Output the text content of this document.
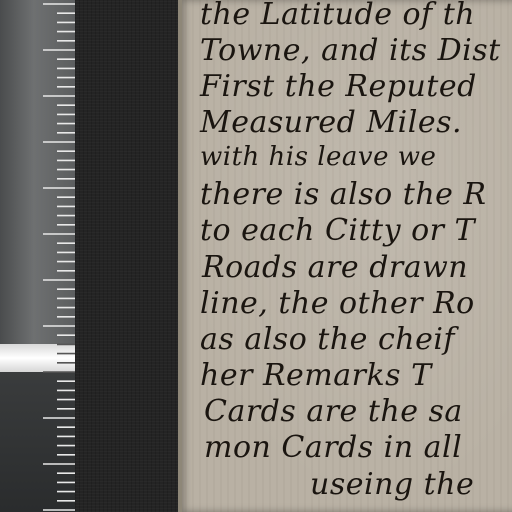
the Latitude of th
Towne, and its Dist
First the Reputed
Measured Miles.
with his leave we
there is also the R
to each Citty or T
Roads are drawn
line, the other Ro
as also the cheif
her Remarks T
Cards are the sa
mon Cards in all
useing the
